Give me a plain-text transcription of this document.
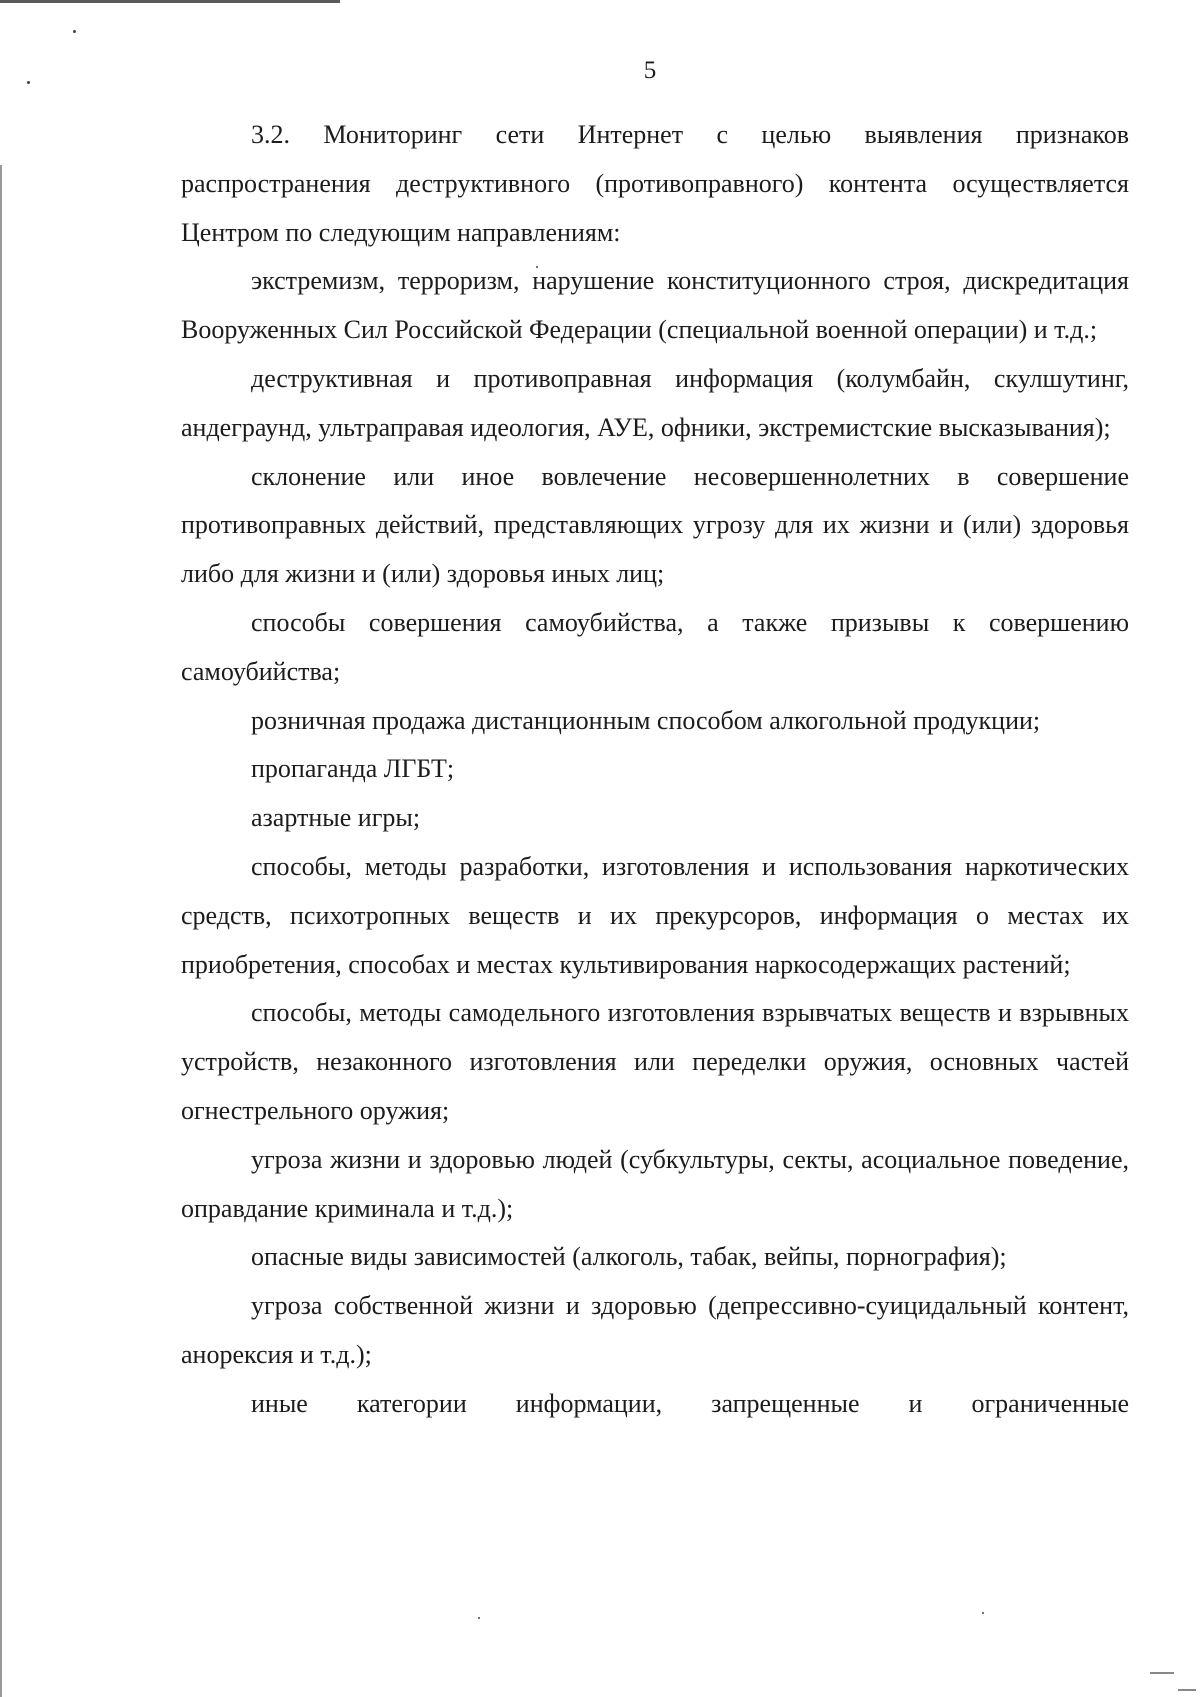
5

3.2. Мониторинг сети Интернет с целью выявления признаков распространения деструктивного (противоправного) контента осуществляется Центром по следующим направлениям:

экстремизм, терроризм, нарушение конституционного строя, дискредитация Вооруженных Сил Российской Федерации (специальной военной операции) и т.д.;

деструктивная и противоправная информация (колумбайн, скулшутинг, андеграунд, ультраправая идеология, АУЕ, офники, экстремистские высказывания);

склонение или иное вовлечение несовершеннолетних в совершение противоправных действий, представляющих угрозу для их жизни и (или) здоровья либо для жизни и (или) здоровья иных лиц;

способы совершения самоубийства, а также призывы к совершению самоубийства;

розничная продажа дистанционным способом алкогольной продукции;

пропаганда ЛГБТ;

азартные игры;

способы, методы разработки, изготовления и использования наркотических средств, психотропных веществ и их прекурсоров, информация о местах их приобретения, способах и местах культивирования наркосодержащих растений;

способы, методы самодельного изготовления взрывчатых веществ и взрывных устройств, незаконного изготовления или переделки оружия, основных частей огнестрельного оружия;

угроза жизни и здоровью людей (субкультуры, секты, асоциальное поведение, оправдание криминала и т.д.);

опасные виды зависимостей (алкоголь, табак, вейпы, порнография);

угроза собственной жизни и здоровью (депрессивно-суицидальный контент, анорексия и т.д.);

иные категории информации, запрещенные и ограниченные
